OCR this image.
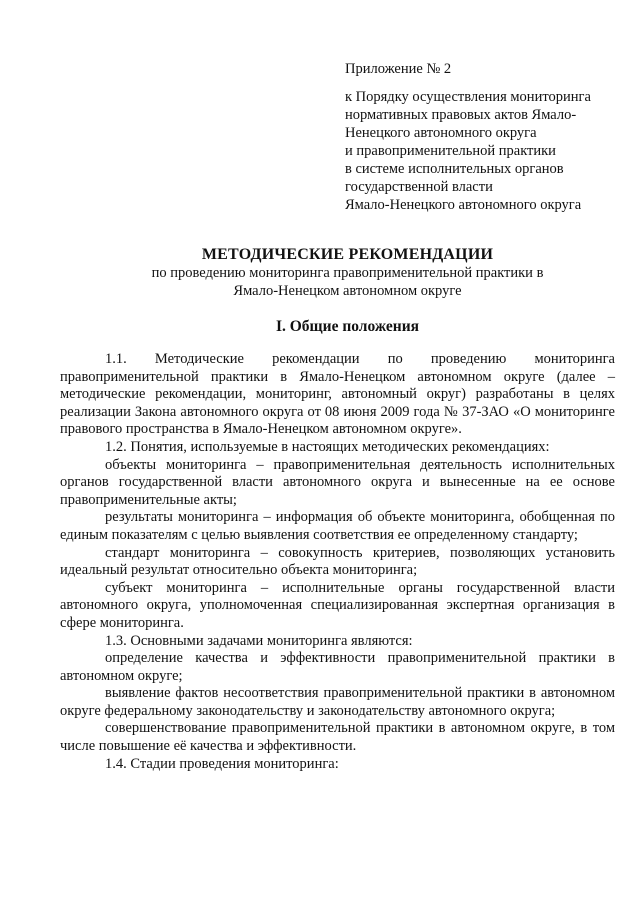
Приложение № 2
к Порядку осуществления мониторинга
нормативных правовых актов Ямало-
Ненецкого автономного округа
и правоприменительной практики
в системе исполнительных органов
государственной власти
Ямало-Ненецкого автономного округа
МЕТОДИЧЕСКИЕ РЕКОМЕНДАЦИИ
по проведению мониторинга правоприменительной практики в
Ямало-Ненецком автономном округе
I. Общие положения

1.1. Методические рекомендации по проведению мониторинга правоприменительной практики в Ямало-Ненецком автономном округе (далее – методические рекомендации, мониторинг, автономный округ) разработаны в целях реализации Закона автономного округа от 08 июня 2009 года № 37-ЗАО «О мониторинге правового пространства в Ямало-Ненецком автономном округе».

1.2. Понятия, используемые в настоящих методических рекомендациях:

объекты мониторинга – правоприменительная деятельность исполнительных органов государственной власти автономного округа и вынесенные на ее основе правоприменительные акты;

результаты мониторинга – информация об объекте мониторинга, обобщенная по единым показателям с целью выявления соответствия ее определенному стандарту;

стандарт мониторинга – совокупность критериев, позволяющих установить идеальный результат относительно объекта мониторинга;

субъект мониторинга – исполнительные органы государственной власти автономного округа, уполномоченная специализированная экспертная организация в сфере мониторинга.

1.3. Основными задачами мониторинга являются:

определение качества и эффективности правоприменительной практики в автономном округе;

выявление фактов несоответствия правоприменительной практики в автономном округе федеральному законодательству и законодательству автономного округа;

совершенствование правоприменительной практики в автономном округе, в том числе повышение её качества и эффективности.

1.4. Стадии проведения мониторинга:
